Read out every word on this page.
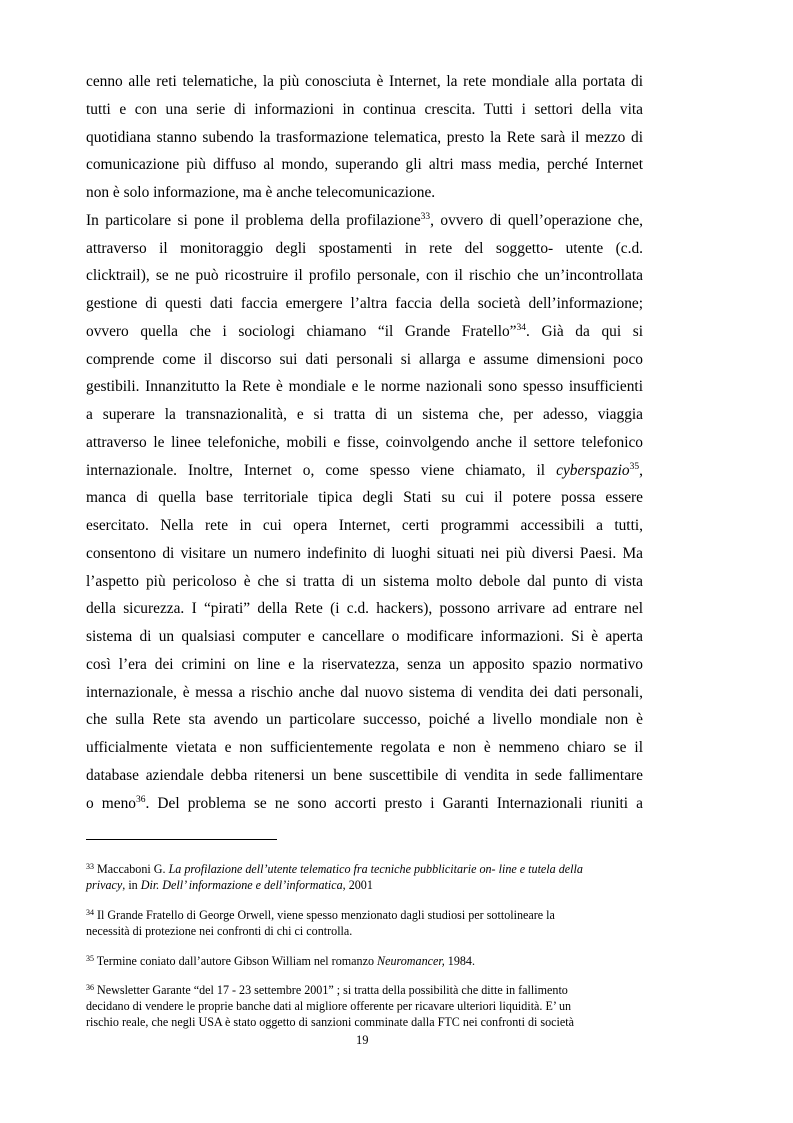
cenno alle reti telematiche, la più conosciuta è Internet, la rete mondiale alla portata di
tutti e con una serie di informazioni in continua crescita. Tutti i settori della vita
quotidiana stanno subendo la trasformazione telematica, presto la Rete sarà il mezzo di
comunicazione più diffuso al mondo, superando gli altri mass media, perché Internet
non è solo informazione, ma è anche telecomunicazione.
In particolare si pone il problema della profilazione$^{33}$, ovvero di quell’operazione che,
attraverso il monitoraggio degli spostamenti in rete del soggetto- utente (c.d.
clicktrail), se ne può ricostruire il profilo personale, con il rischio che un’incontrollata
gestione di questi dati faccia emergere l’altra faccia della società dell’informazione;
ovvero quella che i sociologi chiamano “il Grande Fratello”$^{34}$. Già da qui si
comprende come il discorso sui dati personali si allarga e assume dimensioni poco
gestibili. Innanzitutto la Rete è mondiale e le norme nazionali sono spesso insufficienti
a superare la transnazionalità, e si tratta di un sistema che, per adesso, viaggia
attraverso le linee telefoniche, mobili e fisse, coinvolgendo anche il settore telefonico
internazionale. Inoltre, Internet o, come spesso viene chiamato, il cyberspazio$^{35}$,
manca di quella base territoriale tipica degli Stati su cui il potere possa essere
esercitato. Nella rete in cui opera Internet, certi programmi accessibili a tutti,
consentono di visitare un numero indefinito di luoghi situati nei più diversi Paesi. Ma
l’aspetto più pericoloso è che si tratta di un sistema molto debole dal punto di vista
della sicurezza. I “pirati” della Rete (i c.d. hackers), possono arrivare ad entrare nel
sistema di un qualsiasi computer e cancellare o modificare informazioni. Si è aperta
così l’era dei crimini on line e la riservatezza, senza un apposito spazio normativo
internazionale, è messa a rischio anche dal nuovo sistema di vendita dei dati personali,
che sulla Rete sta avendo un particolare successo, poiché a livello mondiale non è
ufficialmente vietata e non sufficientemente regolata e non è nemmeno chiaro se il
database aziendale debba ritenersi un bene suscettibile di vendita in sede fallimentare
o meno$^{36}$. Del problema se ne sono accorti presto i Garanti Internazionali riuniti a
$^{33}$ Maccaboni G. La profilazione dell’utente telematico fra tecniche pubblicitarie on- line e tutela della
privacy, in Dir. Dell’ informazione e dell’informatica, 2001
$^{34}$ Il Grande Fratello di George Orwell, viene spesso menzionato dagli studiosi per sottolineare la
necessità di protezione nei confronti di chi ci controlla.
$^{35}$ Termine coniato dall’autore Gibson William nel romanzo Neuromancer, 1984.
$^{36}$ Newsletter Garante “del 17 - 23 settembre 2001” ; si tratta della possibilità che ditte in fallimento
decidano di vendere le proprie banche dati al migliore offerente per ricavare ulteriori liquidità. E’ un
rischio reale, che negli USA è stato oggetto di sanzioni comminate dalla FTC nei confronti di società
19
